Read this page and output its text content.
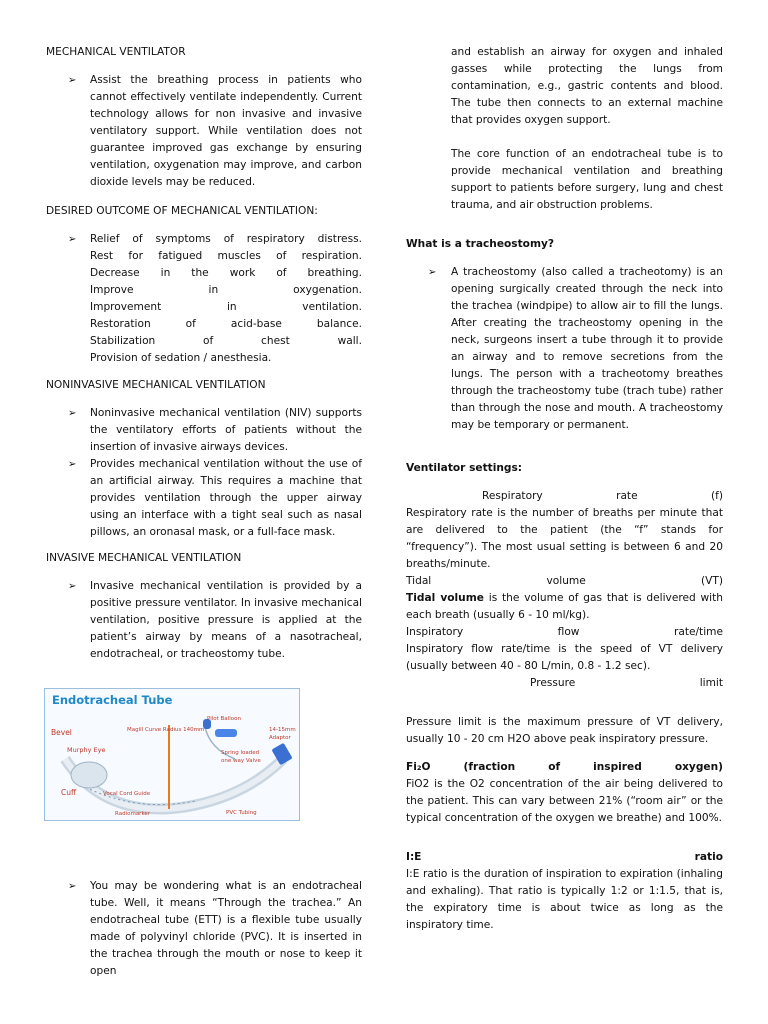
MECHANICAL VENTILATOR

➢ Assist the breathing process in patients who cannot effectively ventilate independently. Current technology allows for non invasive and invasive ventilatory support. While ventilation does not guarantee improved gas exchange by ensuring ventilation, oxygenation may improve, and carbon dioxide levels may be reduced.

DESIRED OUTCOME OF MECHANICAL VENTILATION:

➢ Relief of symptoms of respiratory distress.

Rest for fatigued muscles of respiration.

Decrease in the work of breathing.

Improve in oxygenation.

Improvement in ventilation.

Restoration of acid-base balance.

Stabilization of chest wall.

Provision of sedation / anesthesia.

NONINVASIVE MECHANICAL VENTILATION

➢ Noninvasive mechanical ventilation (NIV) supports the ventilatory efforts of patients without the insertion of invasive airways devices.

➢ Provides mechanical ventilation without the use of an artificial airway. This requires a machine that provides ventilation through the upper airway using an interface with a tight seal such as nasal pillows, an oronasal mask, or a full-face mask.

INVASIVE MECHANICAL VENTILATION

➢ Invasive mechanical ventilation is provided by a positive pressure ventilator. In invasive mechanical ventilation, positive pressure is applied at the patient’s airway by means of a nasotracheal, endotracheal, or tracheostomy tube.

Endotracheal Tube
Bevel
Murphy Eye
Cuff
Magill Curve Radius 140mm
Pilot Balloon
14-15mm Adaptor
Spring loaded one way Valve
Vocal Cord Guide
PVC Tubing
Radiomarker

➢ You may be wondering what is an endotracheal tube. Well, it means “Through the trachea.” An endotracheal tube (ETT) is a flexible tube usually made of polyvinyl chloride (PVC). It is inserted in the trachea through the mouth or nose to keep it open

and establish an airway for oxygen and inhaled gasses while protecting the lungs from contamination, e.g., gastric contents and blood. The tube then connects to an external machine that provides oxygen support.

The core function of an endotracheal tube is to provide mechanical ventilation and breathing support to patients before surgery, lung and chest trauma, and air obstruction problems.

What is a tracheostomy?

➢ A tracheostomy (also called a tracheotomy) is an opening surgically created through the neck into the trachea (windpipe) to allow air to fill the lungs. After creating the tracheostomy opening in the neck, surgeons insert a tube through it to provide an airway and to remove secretions from the lungs. The person with a tracheotomy breathes through the tracheostomy tube (trach tube) rather than through the nose and mouth. A tracheostomy may be temporary or permanent.

Ventilator settings:

Respiratory rate (f)

Respiratory rate is the number of breaths per minute that are delivered to the patient (the “f” stands for “frequency”). The most usual setting is between 6 and 20 breaths/minute.

Tidal volume (VT)

Tidal volume is the volume of gas that is delivered with each breath (usually 6 - 10 ml/kg).

Inspiratory flow rate/time

Inspiratory flow rate/time is the speed of VT delivery (usually between 40 - 80 L/min, 0.8 - 1.2 sec).

Pressure limit

Pressure limit is the maximum pressure of VT delivery, usually 10 - 20 cm H2O above peak inspiratory pressure.

Fi₂O (fraction of inspired oxygen)

FiO2 is the O2 concentration of the air being delivered to the patient. This can vary between 21% (“room air” or the typical concentration of the oxygen we breathe) and 100%.

I:E ratio

I:E ratio is the duration of inspiration to expiration (inhaling and exhaling). That ratio is typically 1:2 or 1:1.5, that is, the expiratory time is about twice as long as the inspiratory time.
